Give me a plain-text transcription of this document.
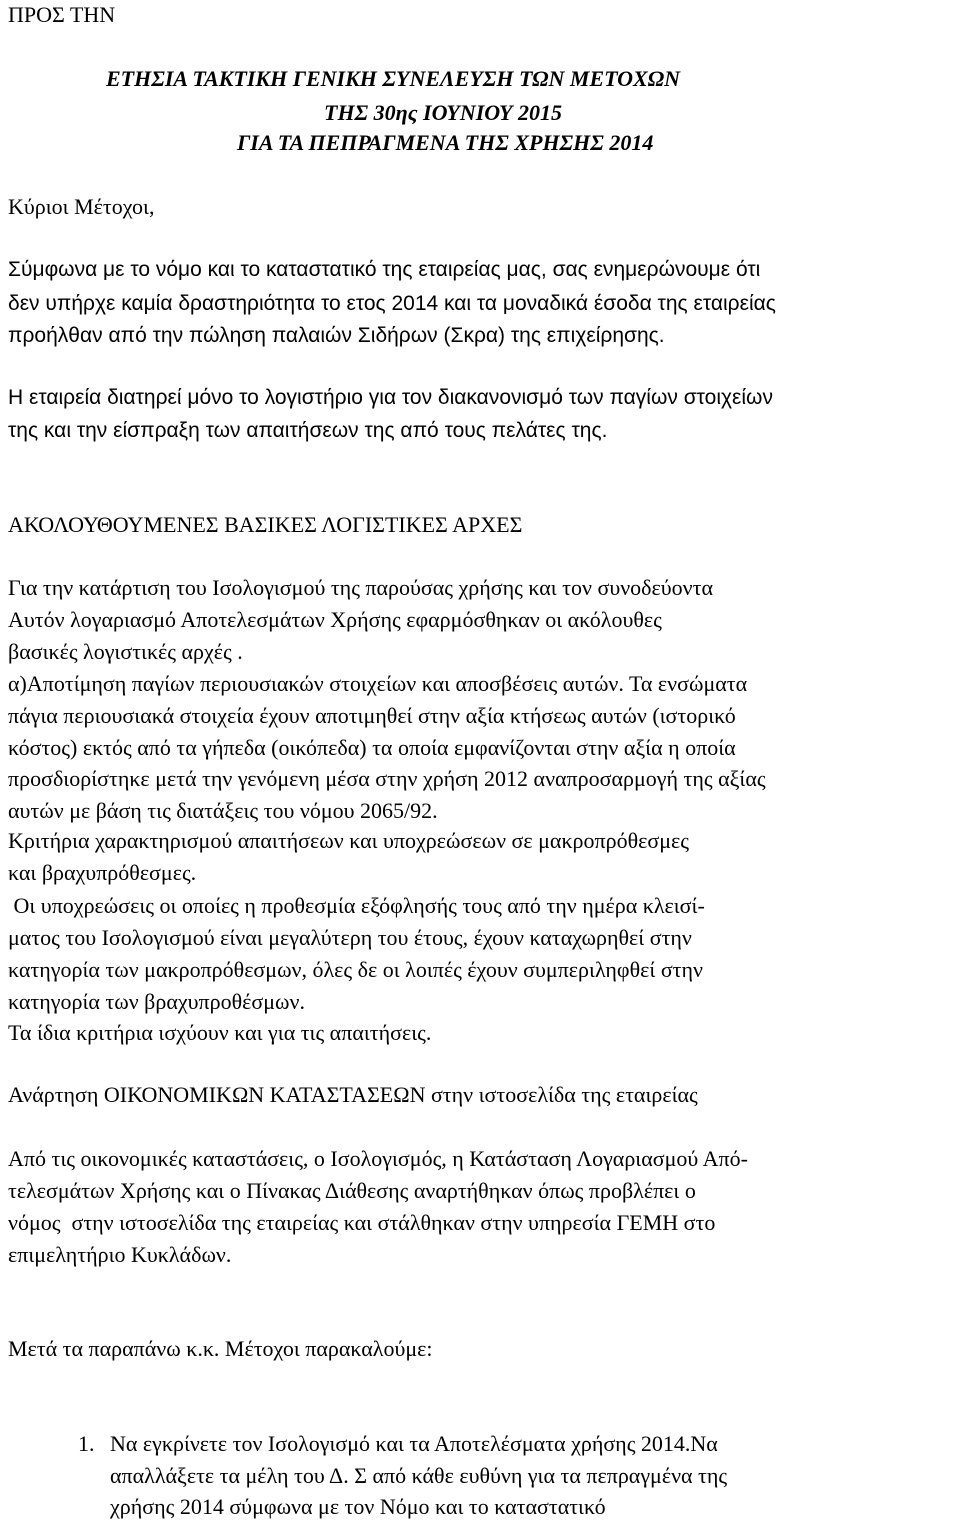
ΠΡΟΣ ΤΗΝ
ΕΤΗΣΙΑ ΤΑΚΤΙΚΗ ΓΕΝΙΚΗ ΣΥΝΕΛΕΥΣΗ ΤΩΝ ΜΕΤΟΧΩΝ
ΤΗΣ 30ης ΙΟΥΝΙΟΥ 2015
ΓΙΑ ΤΑ ΠΕΠΡΑΓΜΕΝΑ ΤΗΣ ΧΡΗΣΗΣ 2014
Κύριοι Μέτοχοι,
Σύμφωνα με το νόμο και το καταστατικό της εταιρείας μας, σας ενημερώνουμε ότι
δεν υπήρχε καμία δραστηριότητα το ετος 2014 και τα μοναδικά έσοδα της εταιρείας
προήλθαν από την πώληση παλαιών Σιδήρων (Σκρα) της επιχείρησης.
Η εταιρεία διατηρεί μόνο το λογιστήριο για τον διακανονισμό των παγίων στοιχείων
της και την είσπραξη των απαιτήσεων της από τους πελάτες της.
ΑΚΟΛΟΥΘΟΥΜΕΝΕΣ ΒΑΣΙΚΕΣ ΛΟΓΙΣΤΙΚΕΣ ΑΡΧΕΣ
Για την κατάρτιση του Ισολογισμού της παρούσας χρήσης και τον συνοδεύοντα
Αυτόν λογαριασμό Αποτελεσμάτων Χρήσης εφαρμόσθηκαν οι ακόλουθες
βασικές λογιστικές αρχές .
α)Αποτίμηση παγίων περιουσιακών στοιχείων και αποσβέσεις αυτών. Τα ενσώματα
πάγια περιουσιακά στοιχεία έχουν αποτιμηθεί στην αξία κτήσεως αυτών (ιστορικό
κόστος) εκτός από τα γήπεδα (οικόπεδα) τα οποία εμφανίζονται στην αξία η οποία
προσδιορίστηκε μετά την γενόμενη μέσα στην χρήση 2012 αναπροσαρμογή της αξίας
αυτών με βάση τις διατάξεις του νόμου 2065/92.
Κριτήρια χαρακτηρισμού απαιτήσεων και υποχρεώσεων σε μακροπρόθεσμες
και βραχυπρόθεσμες.
Οι υποχρεώσεις οι οποίες η προθεσμία εξόφλησής τους από την ημέρα κλεισί-
ματος του Ισολογισμού είναι μεγαλύτερη του έτους, έχουν καταχωρηθεί στην
κατηγορία των μακροπρόθεσμων, όλες δε οι λοιπές έχουν συμπεριληφθεί στην
κατηγορία των βραχυπροθέσμων.
Τα ίδια κριτήρια ισχύουν και για τις απαιτήσεις.
Ανάρτηση ΟΙΚΟΝΟΜΙΚΩΝ ΚΑΤΑΣΤΑΣΕΩΝ στην ιστοσελίδα της εταιρείας
Από τις οικονομικές καταστάσεις, ο Ισολογισμός, η Κατάσταση Λογαριασμού Από-
τελεσμάτων Χρήσης και ο Πίνακας Διάθεσης αναρτήθηκαν όπως προβλέπει ο
νόμος  στην ιστοσελίδα της εταιρείας και στάλθηκαν στην υπηρεσία ΓΕΜΗ στο
επιμελητήριο Κυκλάδων.
Μετά τα παραπάνω κ.κ. Μέτοχοι παρακαλούμε:
1. Να εγκρίνετε τον Ισολογισμό και τα Αποτελέσματα χρήσης 2014.Να
απαλλάξετε τα μέλη του Δ. Σ από κάθε ευθύνη για τα πεπραγμένα της
χρήσης 2014 σύμφωνα με τον Νόμο και το καταστατικό
